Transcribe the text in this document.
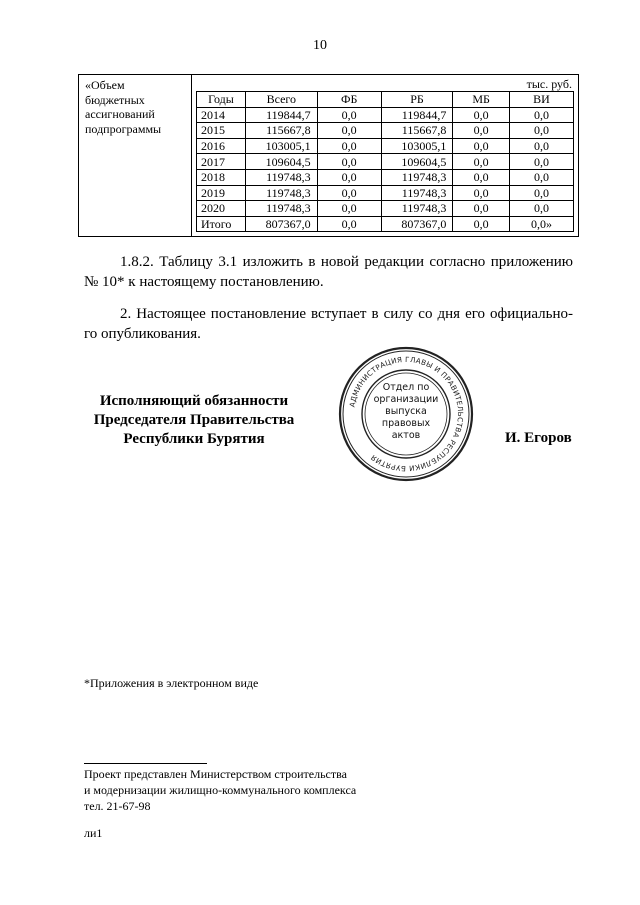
10
«Объем
бюджетных
ассигнований
подпрограммы

тыс. руб.
Годы	Всего	ФБ	РБ	МБ	ВИ
2014	119844,7	0,0	119844,7	0,0	0,0
2015	115667,8	0,0	115667,8	0,0	0,0
2016	103005,1	0,0	103005,1	0,0	0,0
2017	109604,5	0,0	109604,5	0,0	0,0
2018	119748,3	0,0	119748,3	0,0	0,0
2019	119748,3	0,0	119748,3	0,0	0,0
2020	119748,3	0,0	119748,3	0,0	0,0
Итого	807367,0	0,0	807367,0	0,0	0,0»
1.8.2. Таблицу 3.1 изложить в новой редакции согласно приложению № 10* к настоящему постановлению.
2. Настоящее постановление вступает в силу со дня его официально-го опубликования.
Исполняющий обязанности
Председателя Правительства
Республики Бурятия
АДМИНИСТРАЦИЯ ГЛАВЫ И ПРАВИТЕЛЬСТВА РЕСПУБЛИКИ БУРЯТИЯ
Отдел по
организации
выпуска
правовых
актов	И. Егоров
*Приложения в электронном виде
Проект представлен Министерством строительства
и модернизации жилищно-коммунального комплекса
тел. 21-67-98
ли1
